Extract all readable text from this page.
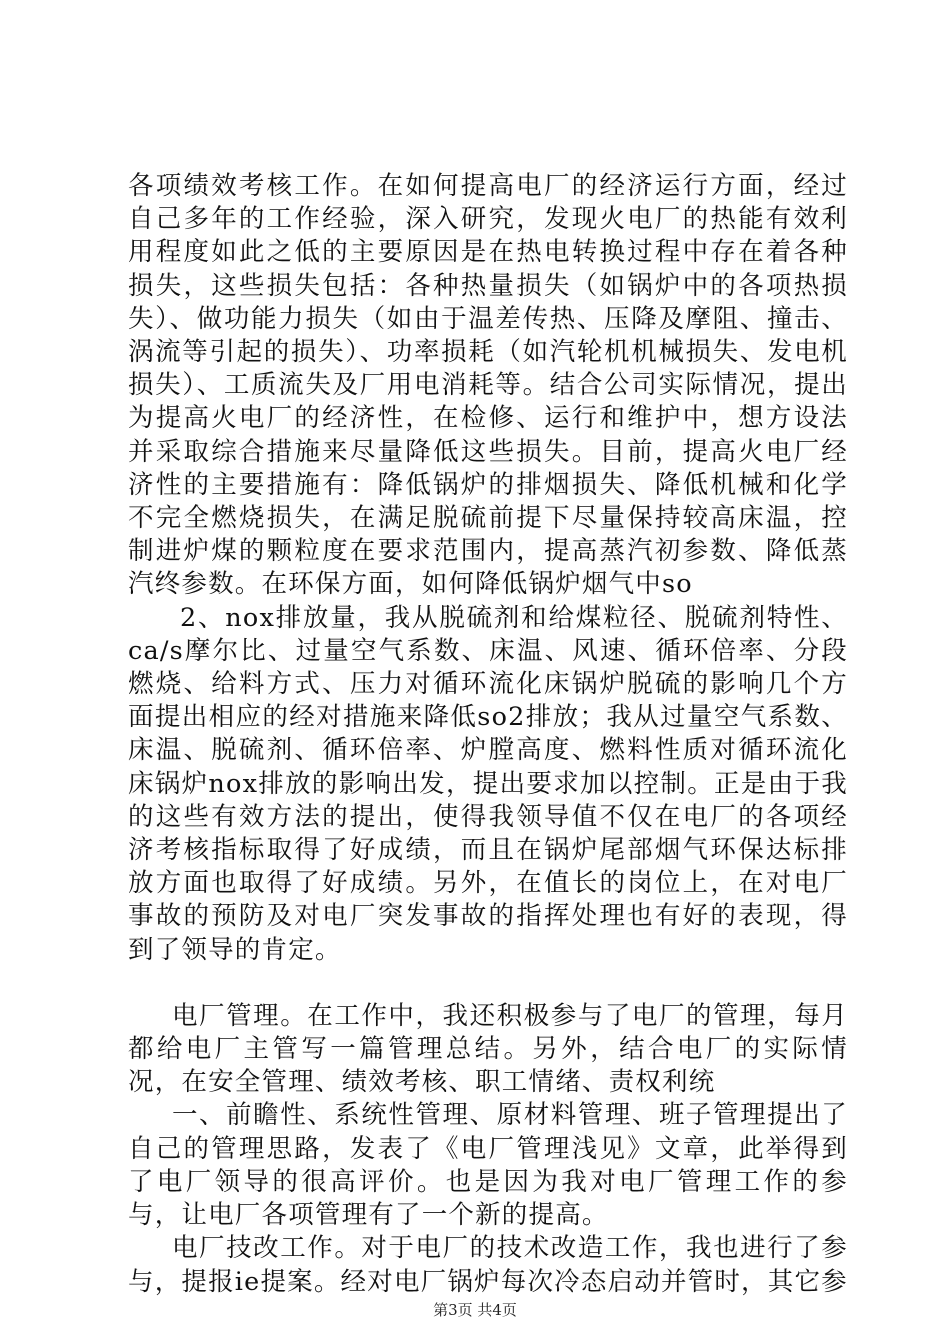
各项绩效考核工作。在如何提高电厂的经济运行方面，经过自己多年的工作经验，深入研究，发现火电厂的热能有效利用程度如此之低的主要原因是在热电转换过程中存在着各种损失，这些损失包括：各种热量损失（如锅炉中的各项热损失）、做功能力损失（如由于温差传热、压降及摩阻、撞击、涡流等引起的损失）、功率损耗（如汽轮机机械损失、发电机损失）、工质流失及厂用电消耗等。结合公司实际情况，提出为提高火电厂的经济性，在检修、运行和维护中，想方设法并采取综合措施来尽量降低这些损失。目前，提高火电厂经济性的主要措施有：降低锅炉的排烟损失、降低机械和化学不完全燃烧损失，在满足脱硫前提下尽量保持较高床温，控制进炉煤的颗粒度在要求范围内，提高蒸汽初参数、降低蒸汽终参数。在环保方面，如何降低锅炉烟气中so

2、nox排放量，我从脱硫剂和给煤粒径、脱硫剂特性、ca/s摩尔比、过量空气系数、床温、风速、循环倍率、分段燃烧、给料方式、压力对循环流化床锅炉脱硫的影响几个方面提出相应的经对措施来降低so2排放；我从过量空气系数、床温、脱硫剂、循环倍率、炉膛高度、燃料性质对循环流化床锅炉nox排放的影响出发，提出要求加以控制。正是由于我的这些有效方法的提出，使得我领导值不仅在电厂的各项经济考核指标取得了好成绩，而且在锅炉尾部烟气环保达标排放方面也取得了好成绩。另外，在值长的岗位上，在对电厂事故的预防及对电厂突发事故的指挥处理也有好的表现，得到了领导的肯定。

电厂管理。在工作中，我还积极参与了电厂的管理，每月都给电厂主管写一篇管理总结。另外，结合电厂的实际情况，在安全管理、绩效考核、职工情绪、责权利统

一、前瞻性、系统性管理、原材料管理、班子管理提出了自己的管理思路，发表了《电厂管理浅见》文章，此举得到了电厂领导的很高评价。也是因为我对电厂管理工作的参与，让电厂各项管理有了一个新的提高。

电厂技改工作。对于电厂的技术改造工作，我也进行了参与，提报ie提案。经对电厂锅炉每次冷态启动并管时，其它参

第3页 共4页
